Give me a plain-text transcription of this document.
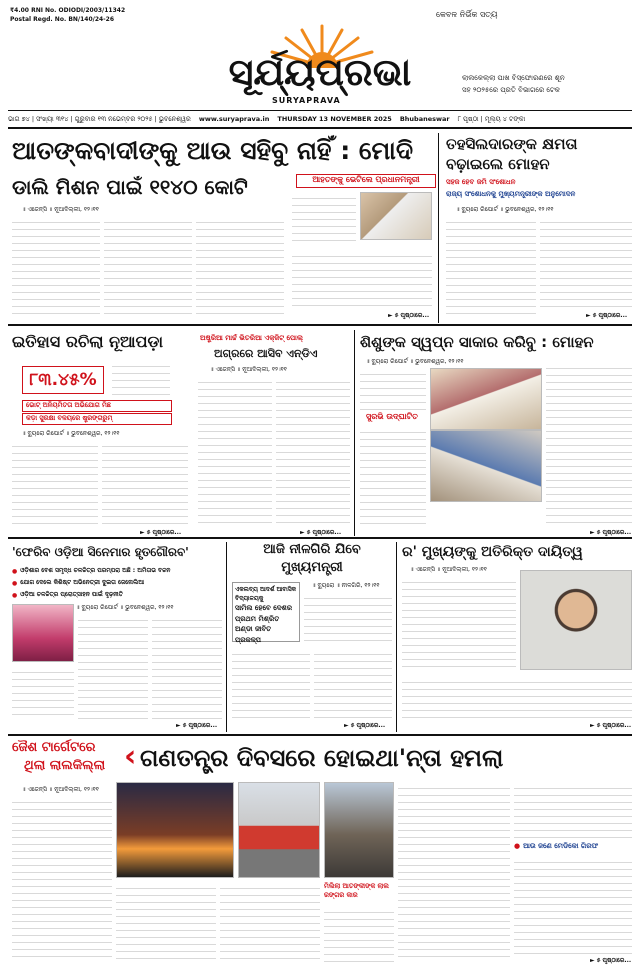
₹4.00 RNI No. ODIODI/2003/11342
Postal Regd. No. BN/140/24-26
କେବଳ ନିର୍ଭିକ ସତ୍ୟ
ସୂର୍ଯ୍ୟପ୍ରଭା
SURYAPRAVA
ଲାଲକେଲ୍ଲା ପାଖ ବିସ୍ଫୋରଣରେ ଶୂନ
ସହ ୨୦୨୫ରେ ପ୍ରତି ବିଭାଗରେ ଟେକ
ଭାଗ ୭୪ | ସଂଖ୍ୟା ୩୧୪ | ଗୁରୁବାର ୧୩ ନଭେମ୍ବର ୨୦୨୫ | ଭୁବନେଶ୍ୱର www.suryaprava.in THURSDAY 13 NOVEMBER 2025 Bhubaneswar ୮ ପୃଷ୍ଠା | ମୂଲ୍ୟ ୪ ଟଙ୍କା
ଆତଙ୍କବାଦୀଙ୍କୁ ଆଉ ସହିବୁ ନାହିଁ : ମୋଦି
ଡାଲି ମିଶନ ପାଇଁ ୧୧୪୦ କୋଟି
॥ ଏଜେନ୍ସି ॥ ନୂଆଦିଲ୍ଲୀ, ୧୨।୧୧
ଆହତଙ୍କୁ ଭେଟିଲେ ପ୍ରଧାନମନ୍ତ୍ରୀ
► ୫ ପୃଷ୍ଠାରେ...
ତହସିଲଦାରଙ୍କ କ୍ଷମତା ବଢ଼ାଇଲେ ମୋହନ
ସହଜ ହେବ ଜମି ସଂଶୋଧନ
ରାଜ୍ୟ ସଂଶୋଧନକୁ ମୁଖ୍ୟମନ୍ତ୍ରୀଙ୍କ ଅନୁମୋଦନ
॥ ବ୍ୟୁରୋ ରିପୋର୍ଟ ॥ ଭୁବନେଶ୍ୱର, ୧୨।୧୧
► ୫ ପୃଷ୍ଠାରେ...
ଇତିହାସ ରଚିଲା ନୂଆପଡ଼ା
୮୩.୪୫%
ଭୋଟ୍ ଅନିୟମିତତା ଅଭିଯୋଗ ମିଛ
କଡ଼ା ସୁରକ୍ଷା ବଳୟରେ ଷ୍ଟ୍ରଙ୍ଗରୁମ୍
॥ ବ୍ୟୁରୋ ରିପୋର୍ଟ ॥ ଭୁବନେଶ୍ୱର, ୧୨।୧୧
► ୫ ପୃଷ୍ଠାରେ...
ଅଷ୍ଟ୍ରିଆ ମାର୍ଚ୍ଚ ଭିତରିଆ ଏକ୍ଜିଟ୍ ପୋଲ୍
ଅଗ୍ରରେ ଆସିବ ଏନ୍‌ଡିଏ
॥ ଏଜେନ୍ସି ॥ ନୂଆଦିଲ୍ଲୀ, ୧୨।୧୧
► ୫ ପୃଷ୍ଠାରେ...
ଶିଶୁଙ୍କ ସ୍ୱପ୍ନ ସାକାର କରିବୁ : ମୋହନ
॥ ବ୍ୟୁରୋ ରିପୋର୍ଟ ॥ ଭୁବନେଶ୍ୱର, ୧୨।୧୧
ସୁରଭି ଉଦ୍‌ଘାଟିତ
► ୫ ପୃଷ୍ଠାରେ...
'ଫେରିବ ଓଡ଼ିଆ ସିନେମାର ହୃତଗୌରବ'
● ଓଡ଼ିଶାର ବେଶ ସମୃଦ୍ଧ ଚଳଚ୍ଚିତ୍ର ପରମ୍ପରା ଅଛି : ଅମିତାଭ ବଚ୍ଚନ
● ଯୋଗ ଦେଲେ କିଶିଷ୍ଟ ଅଭିନେତ୍ରୀ ଦୁଇତା ଜେନୋଲିଆ
● ଓଡ଼ିଆ ଚଳଚ୍ଚିତ୍ର ପ୍ରୋତ୍ସାହନ ପାଇଁ ଦୃଢ଼ନୀତି
॥ ବ୍ୟୁରୋ ରିପୋର୍ଟ ॥ ଭୁବନେଶ୍ୱର, ୧୨।୧୧
► ୫ ପୃଷ୍ଠାରେ...
ଆଜି ନୀଳଗିରି ଯିବେ
ମୁଖ୍ୟମନ୍ତ୍ରୀ
ଏକଲବ୍ୟ ଆଦର୍ଶ ଆବାସିକ ବିଦ୍ୟାଳୟକୁ
ସାମିଲ ହେବେ ଦେଶର ପ୍ରଥମ ମିଶ୍ରିତ ଅଣ୍ଡା ଜୀବିତ ପ୍ରକଳ୍ପ
॥ ବ୍ୟୁରୋ ॥ ନୀଳଗିରି, ୧୨।୧୧
► ୫ ପୃଷ୍ଠାରେ...
ର' ମୁଖ୍ୟଙ୍କୁ ଅତିରିକ୍ତ ଦାୟିତ୍ୱ
॥ ଏଜେନ୍ସି ॥ ନୂଆଦିଲ୍ଲୀ, ୧୨।୧୧
► ୫ ପୃଷ୍ଠାରେ...
ଜୈଶ ଟାର୍ଗେଟରେ
ଥିଲା ଲାଲକିଲ୍ଲା ‹ ଗଣତନ୍ତ୍ର ଦିବସରେ ହୋଇଥା'ନ୍ତା ହମଲା
॥ ଏଜେନ୍ସି ॥ ନୂଆଦିଲ୍ଲୀ, ୧୨।୧୧
ମିଲିଲା ଆତଙ୍କୀଙ୍କ ଲାଲ ରଙ୍ଗର କାର
● ଆଉ ଜଣେ ମେଡିକୋ ଗିରଫ
► ୫ ପୃଷ୍ଠାରେ...
